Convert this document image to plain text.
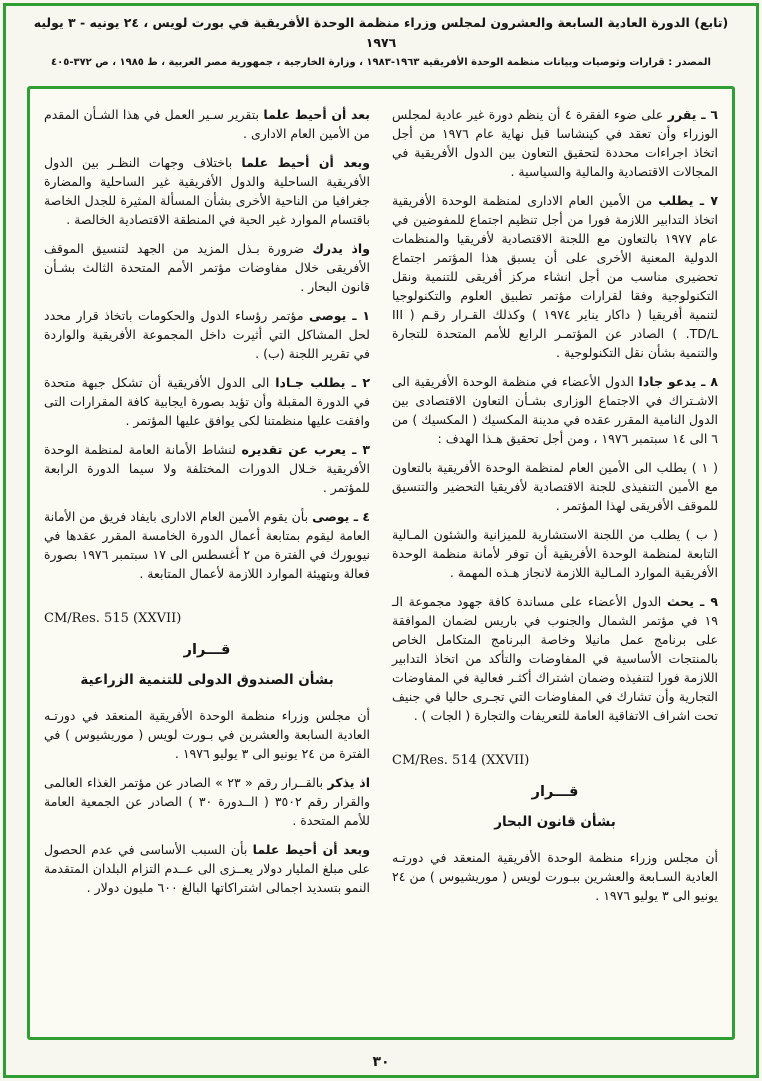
(تابع) الدورة العادية السابعة والعشرون لمجلس وزراء منظمة الوحدة الأفريقية في بورت لويس ، ٢٤ يونيه - ٣ يوليه ١٩٧٦
المصدر : قرارات وتوصيات وبيانات منظمة الوحدة الأفريقية ١٩٦٣-١٩٨٣ ، وزارة الخارجية ، جمهورية مصر العربية ، ط ١٩٨٥ ، ص ٣٧٢-٤٠٥

٦ ـ يقرر على ضوء الفقرة ٤ أن ينظم دورة غير عادية لمجلس الوزراء وأن تعقد في كينشاسا قبل نهاية عام ١٩٧٦ من أجل اتخاذ اجراءات محددة لتحقيق التعاون بين الدول الأفريقية في المجالات الاقتصادية والمالية والسياسية .

٧ ـ يطلب من الأمين العام الادارى لمنظمة الوحدة الأفريقية اتخاذ التدابير اللازمة فورا من أجل تنظيم اجتماع للمفوضين في عام ١٩٧٧ بالتعاون مع اللجنة الاقتصادية لأفريقيا والمنظمات الدولية المعنية الأخرى على أن يسبق هذا المؤتمر اجتماع تحضيرى مناسب من أجل انشاء مركز أفريقى للتنمية ونقل التكنولوجية وفقا لقرارات مؤتمر تطبيق العلوم والتكنولوجيا لتنمية أفريقيا ( داكار يناير ١٩٧٤ ) وكذلك القـرار رقـم ( III TD/L. ) الصادر عن المؤتمـر الرابع للأمم المتحدة للتجارة والتنمية بشأن نقل التكنولوجية .

٨ ـ يدعو جادا الدول الأعضاء في منظمة الوحدة الأفريقية الى الاشـتراك في الاجتماع الوزارى بشـأن التعاون الاقتصادى بين الدول النامية المقرر عقده في مدينة المكسيك ( المكسيك ) من ٦ الى ١٤ سبتمبر ١٩٧٦ ، ومن أجل تحقيق هـذا الهدف :

( ١ ) يطلب الى الأمين العام لمنظمة الوحدة الأفريقية بالتعاون مع الأمين التنفيذى للجنة الاقتصادية لأفريقيا التحضير والتنسيق للموقف الأفريقى لهذا المؤتمر .

( ب ) يطلب من اللجنة الاستشارية للميزانية والشئون المـالية التابعة لمنظمة الوحدة الأفريقية أن توفر لأمانة منظمة الوحدة الأفريقية الموارد المـالية اللازمة لانجاز هـذه المهمة .

٩ ـ يحث الدول الأعضاء على مساندة كافة جهود مجموعة الـ ١٩ في مؤتمر الشمال والجنوب في باريس لضمان الموافقة على برنامج عمل مانيلا وخاصة البرنامج المتكامل الخاص بالمنتجات الأساسية في المفاوضات والتأكد من اتخاذ التدابير اللازمة فورا لتنفيذه وضمان اشتراك أكثـر فعالية في المفاوضات التجارية وأن تشارك في المفاوضات التي تجـرى حاليا في جنيف تحت اشراف الاتفاقية العامة للتعريفات والتجارة ( الجات ) .

CM/Res. 514 (XXVII)

قـــرار

بشأن قانون البحار

أن مجلس وزراء منظمة الوحدة الأفريقية المنعقد في دورتـه العادية السـابعة والعشرين ببـورت لويس ( موريشيوس ) من ٢٤ يونيو الى ٣ يوليو ١٩٧٦ .

بعد أن أحيط علما بتقرير سـير العمل في هذا الشـأن المقدم من الأمين العام الادارى .

وبعد أن أحيط علما باختلاف وجهات النظـر بين الدول الأفريقية الساحلية والدول الأفريقية غير الساحلية والمضارة جغرافيا من الناحية الأخرى بشأن المسألة المثيرة للجدل الخاصة باقتسام الموارد غير الحية في المنطقة الاقتصادية الخالصة .

واذ يدرك ضرورة بـذل المزيد من الجهد لتنسيق الموقف الأفريقى خلال مفاوضات مؤتمر الأمم المتحدة الثالث بشـأن قانون البحار .

١ ـ يوصى مؤتمر رؤساء الدول والحكومات باتخاذ قرار محدد لحل المشاكل التي أثيرت داخل المجموعة الأفريقية والواردة في تقرير اللجنة (ب) .

٢ ـ يطلب جـادا الى الدول الأفريقية أن تشكل جبهة متحدة في الدورة المقبلة وأن تؤيد بصورة ايجابية كافة المقرارات التى وافقت عليها منظمتنا لكى يوافق عليها المؤتمر .

٣ ـ يعرب عن تقديره لنشاط الأمانة العامة لمنظمة الوحدة الأفريقية خـلال الدورات المختلفة ولا سيما الدورة الرابعة للمؤتمر .

٤ ـ يوصى بأن يقوم الأمين العام الادارى بايفاد فريق من الأمانة العامة ليقوم بمتابعة أعمال الدورة الخامسة المقرر عقدها في نيويورك في الفترة من ٢ أغسطس الى ١٧ سبتمبر ١٩٧٦ بصورة فعالة وبتهيئة الموارد اللازمة لأعمال المتابعة .

CM/Res. 515 (XXVII)

قـــرار

بشأن الصندوق الدولى للتنمية الزراعية

أن مجلس وزراء منظمة الوحدة الأفريقية المنعقد في دورتـه العادية السابعة والعشرين في بـورت لويس ( موريشيوس ) في الفترة من ٢٤ يونيو الى ٣ يوليو ١٩٧٦ .

اذ يذكر بالقــرار رقم « ٢٣ » الصادر عن مؤتمر الغذاء العالمى والقرار رقم ٣٥٠٢ ( الــدورة ٣٠ ) الصادر عن الجمعية العامة للأمم المتحدة .

وبعد أن أحيط علما بأن السبب الأساسى في عدم الحصول على مبلغ المليار دولار يعــزى الى عــدم التزام البلدان المتقدمة النمو بتسديد اجمالى اشتراكاتها البالغ ٦٠٠ مليون دولار .

٣٠
